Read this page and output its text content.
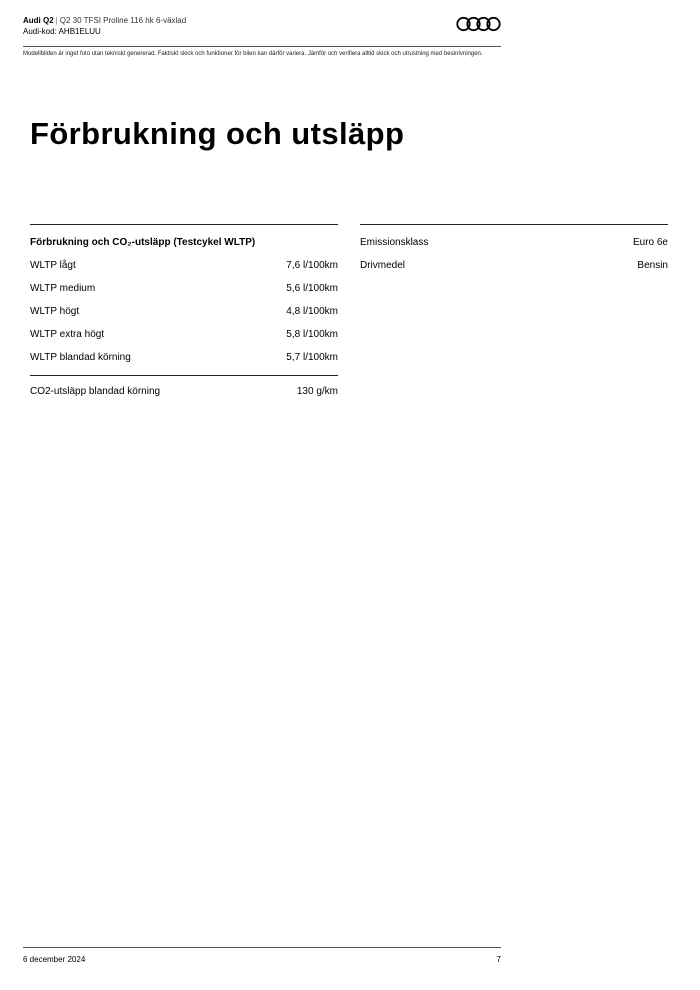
Audi Q2 | Q2 30 TFSI Proline 116 hk 6-växlad
Audi-kod: AHB1ELUU
Modellbilden är inget foto utan tekniskt genererad. Faktiskt skick och funktioner för bilen kan därför variera. Jämför och verifiera alltid skick och utrustning med beskrivningen.
Förbrukning och utsläpp
Förbrukning och CO₂-utsläpp (Testcykel WLTP)
WLTP lågt	7,6 l/100km
WLTP medium	5,6 l/100km
WLTP högt	4,8 l/100km
WLTP extra högt	5,8 l/100km
WLTP blandad körning	5,7 l/100km
CO2-utsläpp blandad körning	130 g/km
Emissionsklass	Euro 6e
Drivmedel	Bensin
6 december 2024	7
